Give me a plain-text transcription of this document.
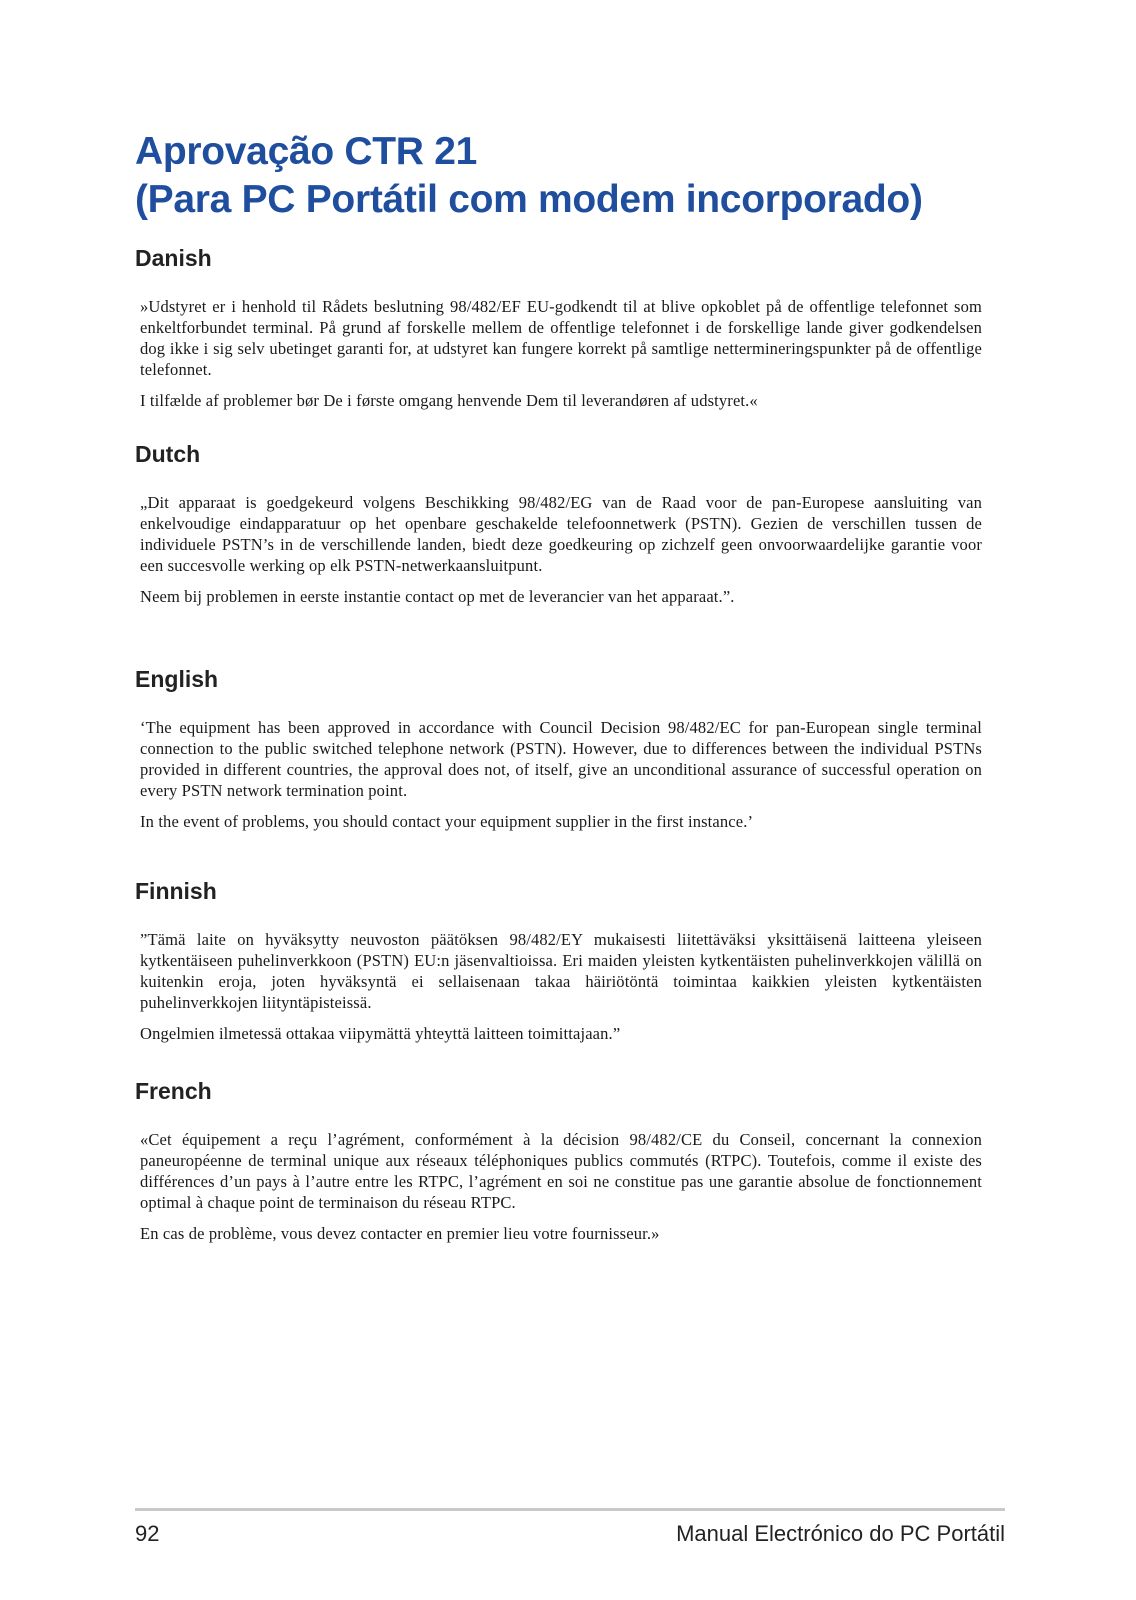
Aprovação CTR 21
(Para PC Portátil com modem incorporado)
Danish

»Udstyret er i henhold til Rådets beslutning 98/482/EF EU-godkendt til at blive opkoblet på de offentlige telefonnet som enkeltforbundet terminal. På grund af forskelle mellem de offentlige telefonnet i de forskellige lande giver godkendelsen dog ikke i sig selv ubetinget garanti for, at udstyret kan fungere korrekt på samtlige nettermineringspunkter på de offentlige telefonnet.

I tilfælde af problemer bør De i første omgang henvende Dem til leverandøren af udstyret.«

Dutch

„Dit apparaat is goedgekeurd volgens Beschikking 98/482/EG van de Raad voor de pan-Europese aansluiting van enkelvoudige eindapparatuur op het openbare geschakelde telefoonnetwerk (PSTN). Gezien de verschillen tussen de individuele PSTN’s in de verschillende landen, biedt deze goedkeuring op zichzelf geen onvoorwaardelijke garantie voor een succesvolle werking op elk PSTN-netwerkaansluitpunt.

Neem bij problemen in eerste instantie contact op met de leverancier van het apparaat.”.

English

‘The equipment has been approved in accordance with Council Decision 98/482/EC for pan-European single terminal connection to the public switched telephone network (PSTN). However, due to differences between the individual PSTNs provided in different countries, the approval does not, of itself, give an unconditional assurance of successful operation on every PSTN network termination point.

In the event of problems, you should contact your equipment supplier in the first instance.’

Finnish

”Tämä laite on hyväksytty neuvoston päätöksen 98/482/EY mukaisesti liitettäväksi yksittäisenä laitteena yleiseen kytkentäiseen puhelinverkkoon (PSTN) EU:n jäsenvaltioissa. Eri maiden yleisten kytkentäisten puhelinverkkojen välillä on kuitenkin eroja, joten hyväksyntä ei sellaisenaan takaa häiriötöntä toimintaa kaikkien yleisten kytkentäisten puhelinverkkojen liityntäpisteissä.

Ongelmien ilmetessä ottakaa viipymättä yhteyttä laitteen toimittajaan.”

French

«Cet équipement a reçu l’agrément, conformément à la décision 98/482/CE du Conseil, concernant la connexion paneuropéenne de terminal unique aux réseaux téléphoniques publics commutés (RTPC). Toutefois, comme il existe des différences d’un pays à l’autre entre les RTPC, l’agrément en soi ne constitue pas une garantie absolue de fonctionnement optimal à chaque point de terminaison du réseau RTPC.

En cas de problème, vous devez contacter en premier lieu votre fournisseur.»

92	Manual Electrónico do PC Portátil
